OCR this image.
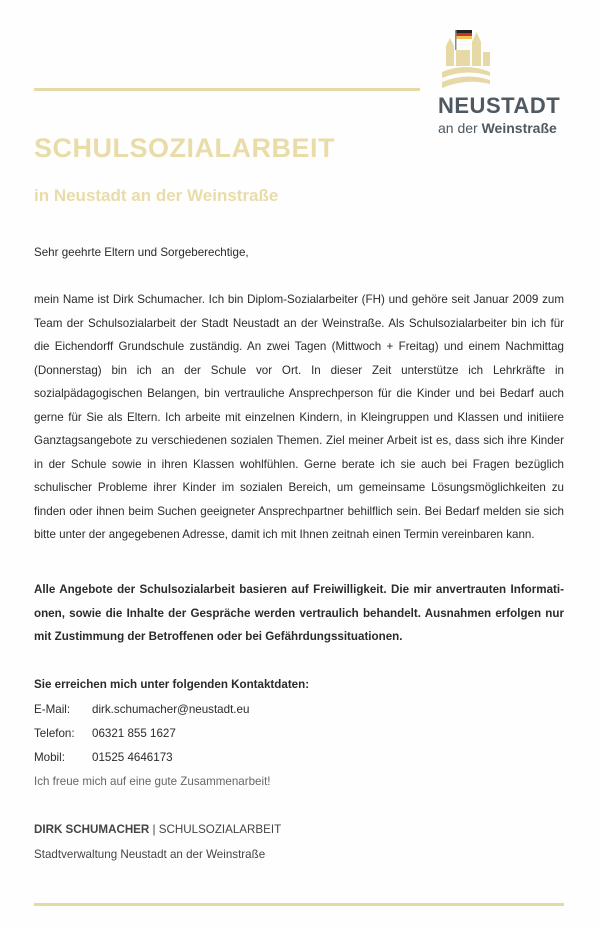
NEUSTADT
an der Weinstraße
SCHULSOZIALARBEIT
in Neustadt an der Weinstraße
Sehr geehrte Eltern und Sorgeberechtige,
mein Name ist Dirk Schumacher. Ich bin Diplom-Sozialarbeiter (FH) und gehöre seit Januar 2009 zum Team der Schulsozialarbeit der Stadt Neustadt an der Weinstraße. Als Schulsozialarbeiter bin ich für die Eichendorff Grundschule zuständig. An zwei Tagen (Mittwoch + Freitag) und einem Nachmittag (Donnerstag) bin ich an der Schule vor Ort. In dieser Zeit unterstütze ich Lehrkräfte in sozialpädagogischen Belangen, bin vertrauliche Ansprechperson für die Kinder und bei Bedarf auch gerne für Sie als Eltern. Ich arbeite mit einzelnen Kindern, in Kleingruppen und Klassen und initiiere Ganztagsangebote zu verschiedenen sozialen Themen. Ziel meiner Arbeit ist es, dass sich ihre Kinder in der Schule sowie in ihren Klassen wohlfühlen. Gerne berate ich sie auch bei Fragen bezüglich schulischer Probleme ihrer Kinder im sozialen Bereich, um gemeinsame Lösungsmöglichkeiten zu finden oder ihnen beim Suchen geeigneter Ansprechpartner behilflich sein. Bei Bedarf melden sie sich bitte unter der angegebenen Adresse, damit ich mit Ihnen zeitnah einen Termin vereinbaren kann.
Alle Angebote der Schulsozialarbeit basieren auf Freiwilligkeit. Die mir anvertrauten Informationen, sowie die Inhalte der Gespräche werden vertraulich behandelt. Ausnahmen erfolgen nur mit Zustimmung der Betroffenen oder bei Gefährdungssituationen.
Sie erreichen mich unter folgenden Kontaktdaten:
E-Mail: dirk.schumacher@neustadt.eu
Telefon: 06321 855 1627
Mobil: 01525 4646173
Ich freue mich auf eine gute Zusammenarbeit!
DIRK SCHUMACHER | SCHULSOZIALARBEIT
Stadtverwaltung Neustadt an der Weinstraße
